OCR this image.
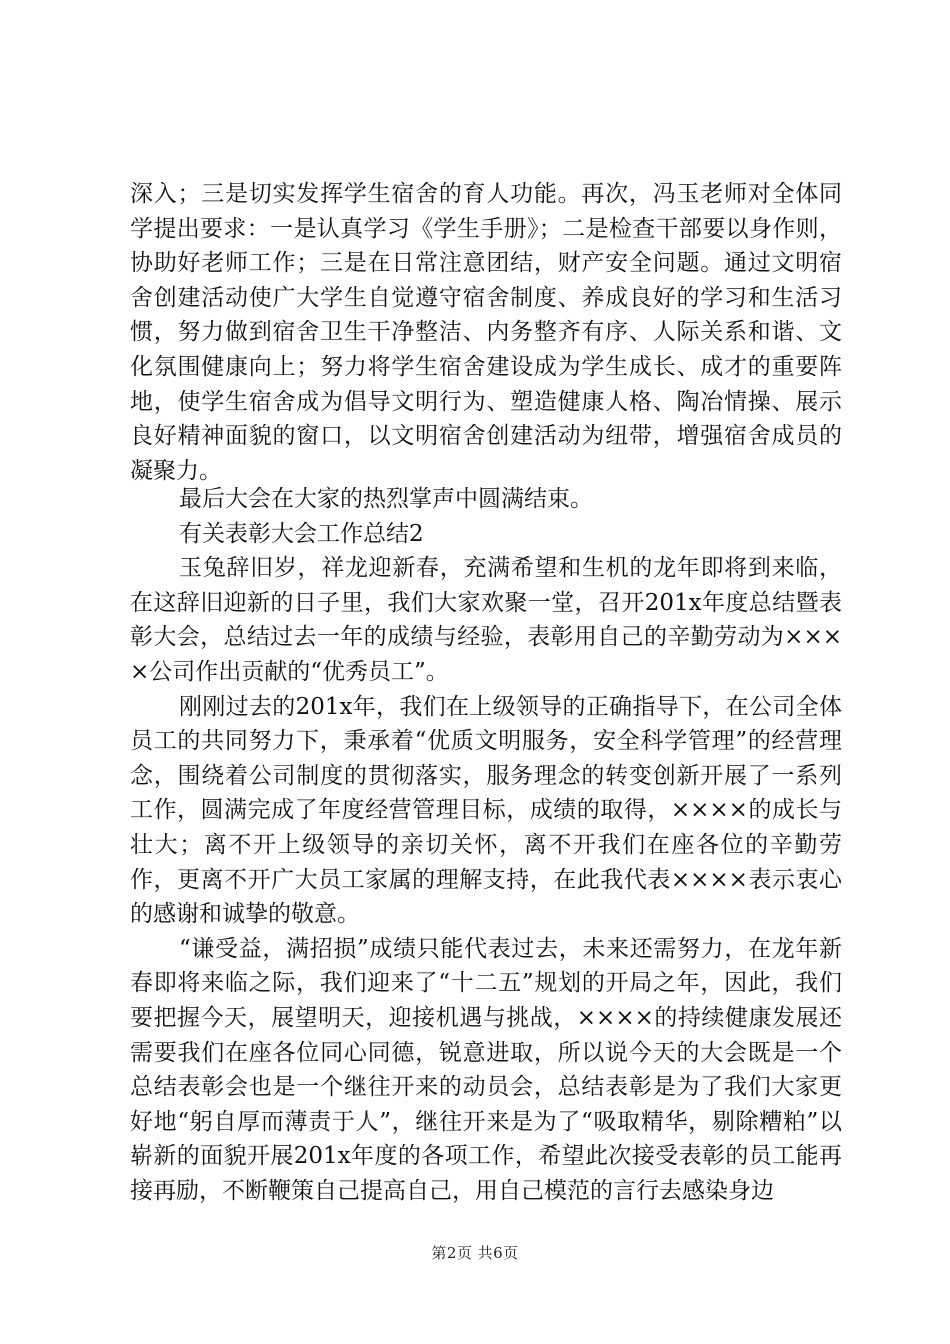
深入；三是切实发挥学生宿舍的育人功能。再次，冯玉老师对全体同学提出要求：一是认真学习《学生手册》；二是检查干部要以身作则，协助好老师工作；三是在日常注意团结，财产安全问题。通过文明宿舍创建活动使广大学生自觉遵守宿舍制度、养成良好的学习和生活习惯，努力做到宿舍卫生干净整洁、内务整齐有序、人际关系和谐、文化氛围健康向上；努力将学生宿舍建设成为学生成长、成才的重要阵地，使学生宿舍成为倡导文明行为、塑造健康人格、陶冶情操、展示良好精神面貌的窗口，以文明宿舍创建活动为纽带，增强宿舍成员的凝聚力。

最后大会在大家的热烈掌声中圆满结束。

有关表彰大会工作总结2

玉兔辞旧岁，祥龙迎新春，充满希望和生机的龙年即将到来临，在这辞旧迎新的日子里，我们大家欢聚一堂，召开201x年度总结暨表彰大会，总结过去一年的成绩与经验，表彰用自己的辛勤劳动为××××公司作出贡献的“优秀员工”。

刚刚过去的201x年，我们在上级领导的正确指导下，在公司全体员工的共同努力下，秉承着“优质文明服务，安全科学管理”的经营理念，围绕着公司制度的贯彻落实，服务理念的转变创新开展了一系列工作，圆满完成了年度经营管理目标，成绩的取得，××××的成长与壮大；离不开上级领导的亲切关怀，离不开我们在座各位的辛勤劳作，更离不开广大员工家属的理解支持，在此我代表××××表示衷心的感谢和诚挚的敬意。

“谦受益，满招损”成绩只能代表过去，未来还需努力，在龙年新春即将来临之际，我们迎来了“十二五”规划的开局之年，因此，我们要把握今天，展望明天，迎接机遇与挑战，××××的持续健康发展还需要我们在座各位同心同德，锐意进取，所以说今天的大会既是一个总结表彰会也是一个继往开来的动员会，总结表彰是为了我们大家更好地“躬自厚而薄责于人”，继往开来是为了“吸取精华，剔除糟粕”以崭新的面貌开展201x年度的各项工作，希望此次接受表彰的员工能再接再励，不断鞭策自己提高自己，用自己模范的言行去感染身边

第2页 共6页
